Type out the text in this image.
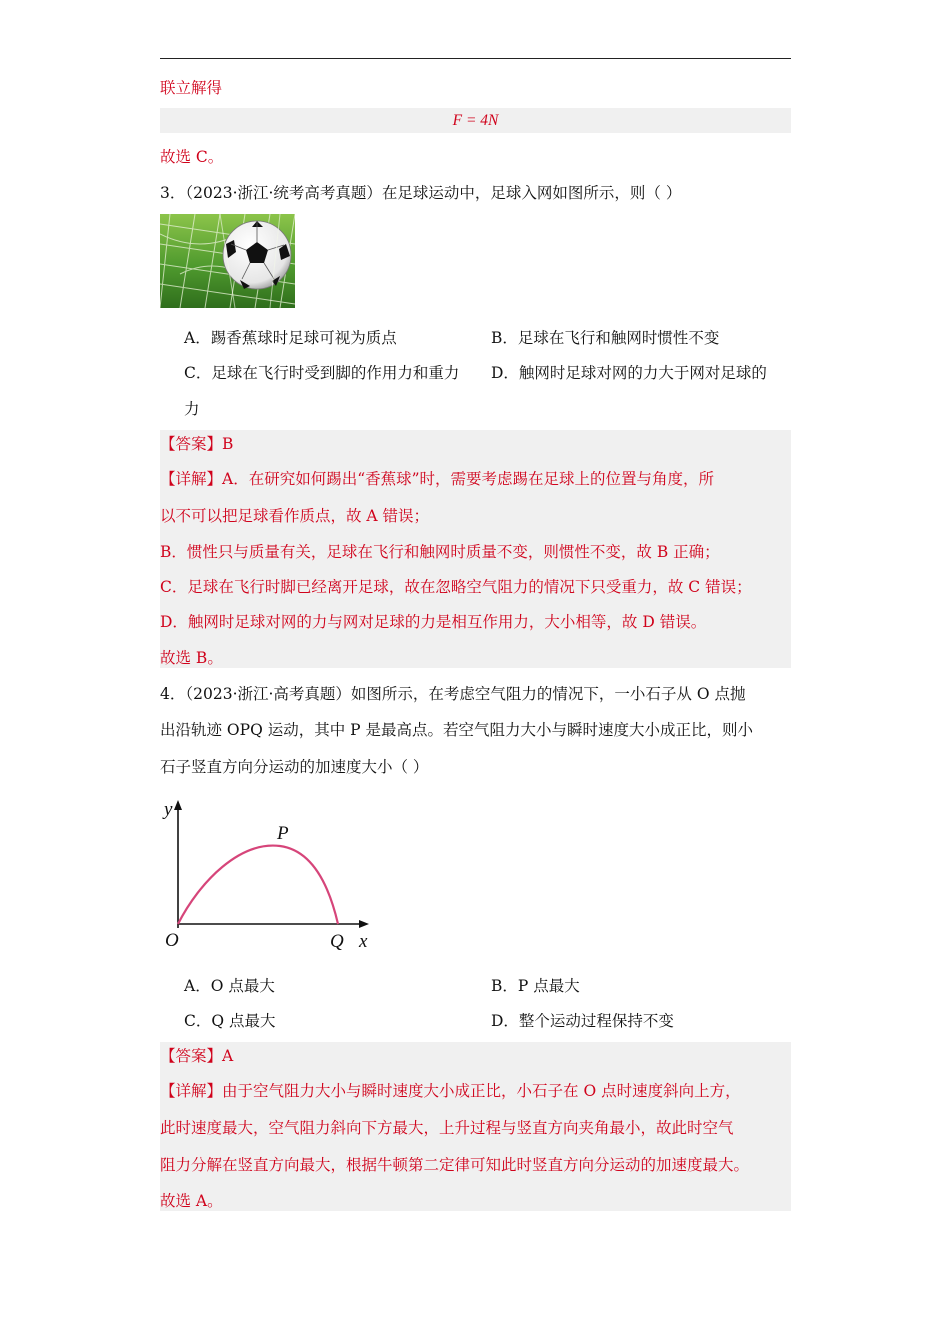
联立解得
F = 4N
故选 C。
3．（2023·浙江·统考高考真题）在足球运动中，足球入网如图所示，则（ ）
A．踢香蕉球时足球可视为质点	B．足球在飞行和触网时惯性不变
C．足球在飞行时受到脚的作用力和重力 D．触网时足球对网的力大于网对足球的
力
【答案】B
【详解】A．在研究如何踢出“香蕉球”时，需要考虑踢在足球上的位置与角度，所
以不可以把足球看作质点，故 A 错误；
B．惯性只与质量有关，足球在飞行和触网时质量不变，则惯性不变，故 B 正确；
C．足球在飞行时脚已经离开足球，故在忽略空气阻力的情况下只受重力，故 C 错误；
D．触网时足球对网的力与网对足球的力是相互作用力，大小相等，故 D 错误。
故选 B。
4．（2023·浙江·高考真题）如图所示，在考虑空气阻力的情况下，一小石子从 O 点抛
出沿轨迹 OPQ 运动，其中 P 是最高点。若空气阻力大小与瞬时速度大小成正比，则小
石子竖直方向分运动的加速度大小（ ）
y
x
O
P
Q
A．O 点最大	B．P 点最大
C．Q 点最大	D．整个运动过程保持不变
【答案】A
【详解】由于空气阻力大小与瞬时速度大小成正比，小石子在 O 点时速度斜向上方，
此时速度最大，空气阻力斜向下方最大，上升过程与竖直方向夹角最小，故此时空气
阻力分解在竖直方向最大，根据牛顿第二定律可知此时竖直方向分运动的加速度最大。
故选 A。
